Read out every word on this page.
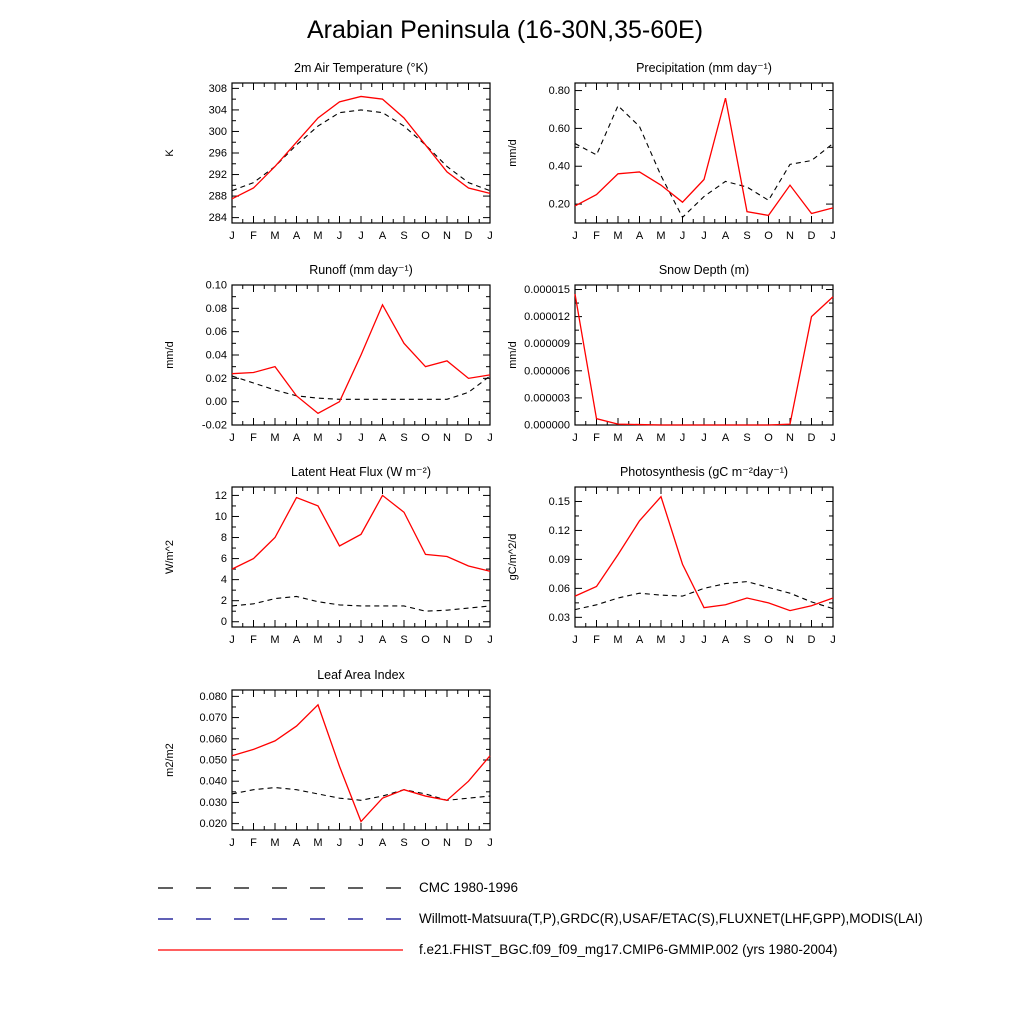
Arabian Peninsula (16-30N,35-60E)
2m Air Temperature (°K)
K
284
288
292
296
300
304
308
J F M A M J J A S O N D J
Precipitation (mm day⁻¹)
mm/d
0.20
0.40
0.60
0.80
J F M A M J J A S O N D J
Runoff (mm day⁻¹)
mm/d
-0.02
0.00
0.02
0.04
0.06
0.08
0.10
J F M A M J J A S O N D J
Snow Depth (m)
mm/d
0.000000
0.000003
0.000006
0.000009
0.000012
0.000015
J F M A M J J A S O N D J
Latent Heat Flux (W m⁻²)
W/m^2
0
2
4
6
8
10
12
J F M A M J J A S O N D J
Photosynthesis (gC m⁻²day⁻¹)
gC/m^2/d
0.03
0.06
0.09
0.12
0.15
J F M A M J J A S O N D J
Leaf Area Index
m2/m2
0.020
0.030
0.040
0.050
0.060
0.070
0.080
J F M A M J J A S O N D J
CMC 1980-1996
Willmott-Matsuura(T,P),GRDC(R),USAF/ETAC(S),FLUXNET(LHF,GPP),MODIS(LAI)
f.e21.FHIST_BGC.f09_f09_mg17.CMIP6-GMMIP.002 (yrs 1980-2004)
